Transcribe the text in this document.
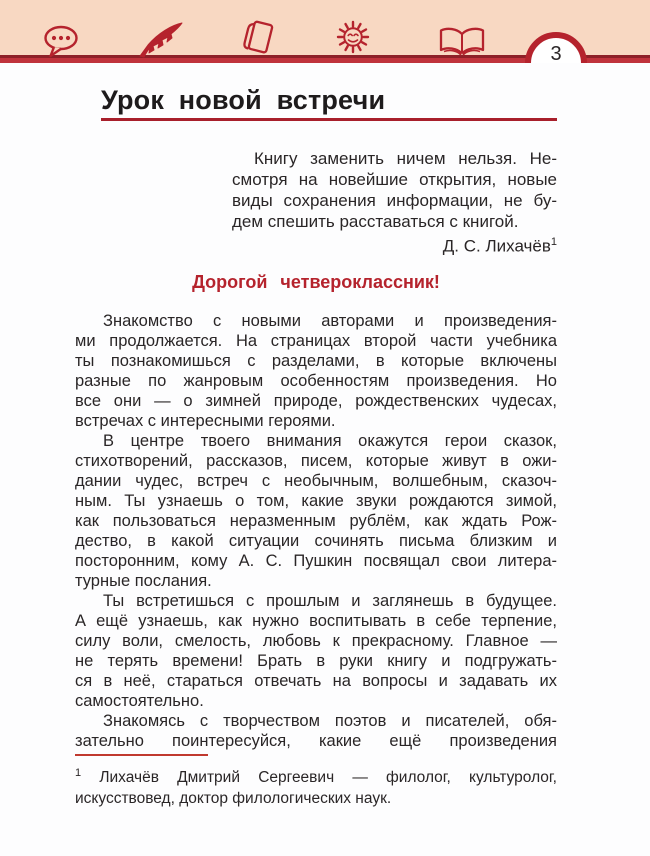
3
Урок новой встречи
Книгу заменить ничем нельзя. Не-
смотря на новейшие открытия, новые
виды сохранения информации, не бу-
дем спешить расставаться с книгой.
Д. С. Лихачёв$^1$
Дорогой четвероклассник!
Знакомство с новыми авторами и произведения-
ми продолжается. На страницах второй части учебника
ты познакомишься с разделами, в которые включены
разные по жанровым особенностям произведения. Но
все они — о зимней природе, рождественских чудесах,
встречах с интересными героями.
В центре твоего внимания окажутся герои сказок,
стихотворений, рассказов, писем, которые живут в ожи-
дании чудес, встреч с необычным, волшебным, сказоч-
ным. Ты узнаешь о том, какие звуки рождаются зимой,
как пользоваться неразменным рублём, как ждать Рож-
дество, в какой ситуации сочинять письма близким и
посторонним, кому А. С. Пушкин посвящал свои литера-
турные послания.
Ты встретишься с прошлым и заглянешь в будущее.
А ещё узнаешь, как нужно воспитывать в себе терпение,
силу воли, смелость, любовь к прекрасному. Главное —
не терять времени! Брать в руки книгу и подгружать-
ся в неё, стараться отвечать на вопросы и задавать их
самостоятельно.
Знакомясь с творчеством поэтов и писателей, обя-
зательно поинтересуйся, какие ещё произведения
$^1$ Лихачёв Дмитрий Сергеевич — филолог, культуролог,
искусствовед, доктор филологических наук.
